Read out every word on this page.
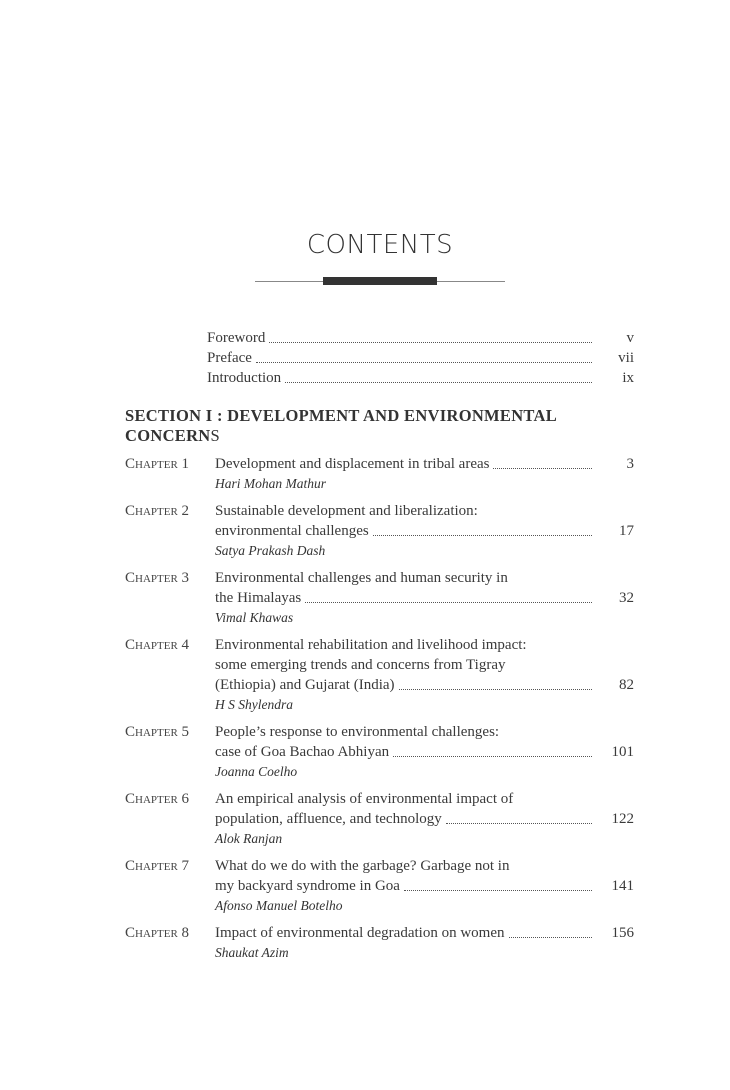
CONTENTS
Foreword	v
Preface	vii
Introduction	ix
SECTION I : DEVELOPMENT AND ENVIRONMENTAL CONCERNS
Chapter 1	Development and displacement in tribal areas	3
Hari Mohan Mathur
Chapter 2	Sustainable development and liberalization:
environmental challenges	17
Satya Prakash Dash
Chapter 3	Environmental challenges and human security in
the Himalayas	32
Vimal Khawas
Chapter 4	Environmental rehabilitation and livelihood impact:
some emerging trends and concerns from Tigray
(Ethiopia) and Gujarat (India)	82
H S Shylendra
Chapter 5	People’s response to environmental challenges:
case of Goa Bachao Abhiyan	101
Joanna Coelho
Chapter 6	An empirical analysis of environmental impact of
population, affluence, and technology	122
Alok Ranjan
Chapter 7	What do we do with the garbage? Garbage not in
my backyard syndrome in Goa	141
Afonso Manuel Botelho
Chapter 8	Impact of environmental degradation on women	156
Shaukat Azim
